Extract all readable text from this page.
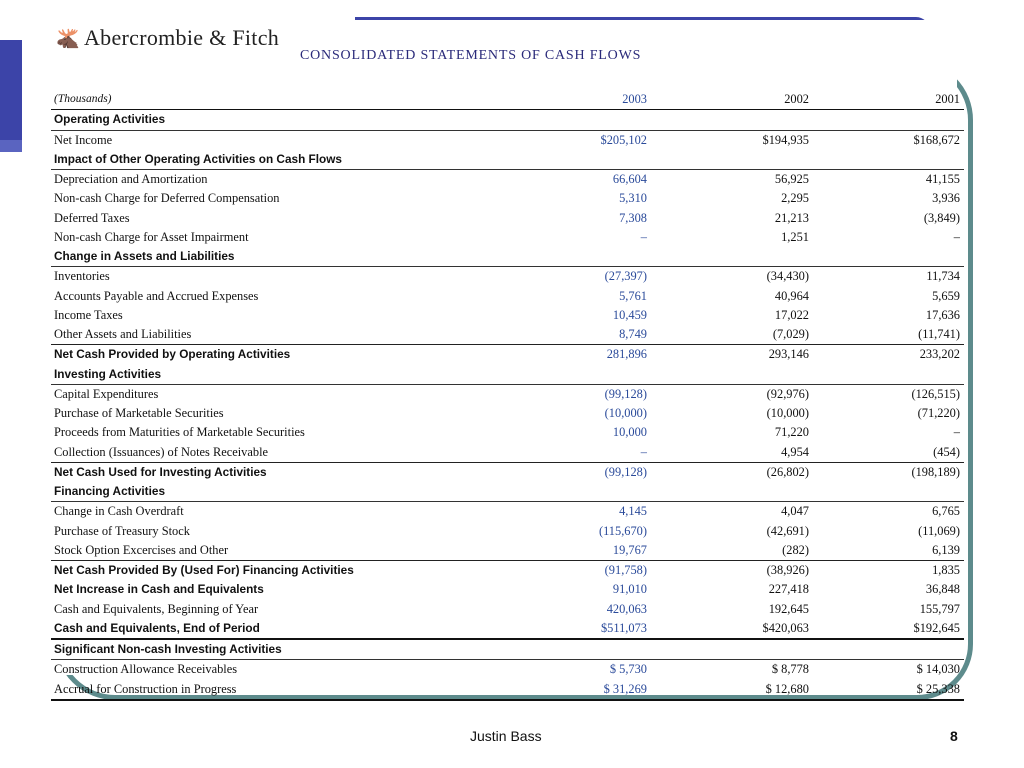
🫎 Abercrombie & Fitch
CONSOLIDATED STATEMENTS OF CASH FLOWS
(Thousands)	2003	2002	2001
Operating Activities			
Net Income	$205,102	$194,935	$168,672
Impact of Other Operating Activities on Cash Flows			
Depreciation and Amortization	66,604	56,925	41,155
Non-cash Charge for Deferred Compensation	5,310	2,295	3,936
Deferred Taxes	7,308	21,213	(3,849)
Non-cash Charge for Asset Impairment	–	1,251	–
Change in Assets and Liabilities			
Inventories	(27,397)	(34,430)	11,734
Accounts Payable and Accrued Expenses	5,761	40,964	5,659
Income Taxes	10,459	17,022	17,636
Other Assets and Liabilities	8,749	(7,029)	(11,741)
Net Cash Provided by Operating Activities	281,896	293,146	233,202
Investing Activities			
Capital Expenditures	(99,128)	(92,976)	(126,515)
Purchase of Marketable Securities	(10,000)	(10,000)	(71,220)
Proceeds from Maturities of Marketable Securities	10,000	71,220	–
Collection (Issuances) of Notes Receivable	–	4,954	(454)
Net Cash Used for Investing Activities	(99,128)	(26,802)	(198,189)
Financing Activities			
Change in Cash Overdraft	4,145	4,047	6,765
Purchase of Treasury Stock	(115,670)	(42,691)	(11,069)
Stock Option Excercises and Other	19,767	(282)	6,139
Net Cash Provided By (Used For) Financing Activities	(91,758)	(38,926)	1,835
Net Increase in Cash and Equivalents	91,010	227,418	36,848
Cash and Equivalents, Beginning of Year	420,063	192,645	155,797
Cash and Equivalents, End of Period	$511,073	$420,063	$192,645
Significant Non-cash Investing Activities			
Construction Allowance Receivables	$ 5,730	$ 8,778	$ 14,030
Accrual for Construction in Progress	$ 31,269	$ 12,680	$ 25,338
Justin Bass	8
